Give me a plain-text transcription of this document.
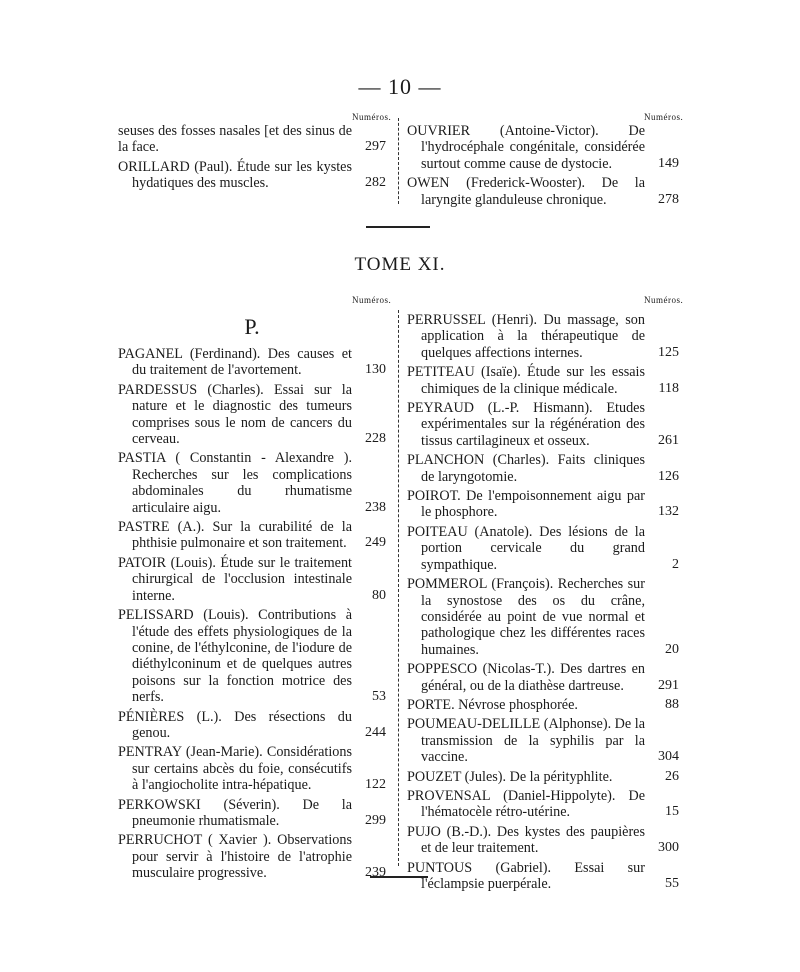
— 10 —
Numéros.	Numéros.
seuses des fosses nasales [et des sinus de la face.	297
ORILLARD (Paul). Étude sur les kystes hydatiques des muscles.	282
OUVRIER (Antoine-Victor). De l'hydrocéphale congénitale, considérée surtout comme cause de dystocie.	149
OWEN (Frederick-Wooster). De la laryngite glanduleuse chronique.	278
TOME XI.
Numéros.	Numéros.
P.
PAGANEL (Ferdinand). Des causes et du traitement de l'avortement.	130
PARDESSUS (Charles). Essai sur la nature et le diagnostic des tumeurs comprises sous le nom de cancers du cerveau.	228
PASTIA ( Constantin - Alexandre ). Recherches sur les complications abdominales du rhumatisme articulaire aigu.	238
PASTRE (A.). Sur la curabilité de la phthisie pulmonaire et son traitement.	249
PATOIR (Louis). Étude sur le traitement chirurgical de l'occlusion intestinale interne.	80
PELISSARD (Louis). Contributions à l'étude des effets physiologiques de la conine, de l'éthylconine, de l'iodure de diéthylconinum et de quelques autres poisons sur la fonction motrice des nerfs.	53
PÉNIÈRES (L.). Des résections du genou.	244
PENTRAY (Jean-Marie). Considérations sur certains abcès du foie, consécutifs à l'angiocholite intra-hépatique.	122
PERKOWSKI (Séverin). De la pneumonie rhumatismale.	299
PERRUCHOT ( Xavier ). Observations pour servir à l'histoire de l'atrophie musculaire progressive.	239
PERRUSSEL (Henri). Du massage, son application à la thérapeutique de quelques affections internes.	125
PETITEAU (Isaïe). Étude sur les essais chimiques de la clinique médicale.	118
PEYRAUD (L.-P. Hismann). Etudes expérimentales sur la régénération des tissus cartilagineux et osseux.	261
PLANCHON (Charles). Faits cliniques de laryngotomie.	126
POIROT. De l'empoisonnement aigu par le phosphore.	132
POITEAU (Anatole). Des lésions de la portion cervicale du grand sympathique.	2
POMMEROL (François). Recherches sur la synostose des os du crâne, considérée au point de vue normal et pathologique chez les différentes races humaines.	20
POPPESCO (Nicolas-T.). Des dartres en général, ou de la diathèse dartreuse.	291
PORTE. Névrose phosphorée.	88
POUMEAU-DELILLE (Alphonse). De la transmission de la syphilis par la vaccine.	304
POUZET (Jules). De la pérityphlite.	26
PROVENSAL (Daniel-Hippolyte). De l'hématocèle rétro-utérine.	15
PUJO (B.-D.). Des kystes des paupières et de leur traitement.	300
PUNTOUS (Gabriel). Essai sur l'éclampsie puerpérale.	55
